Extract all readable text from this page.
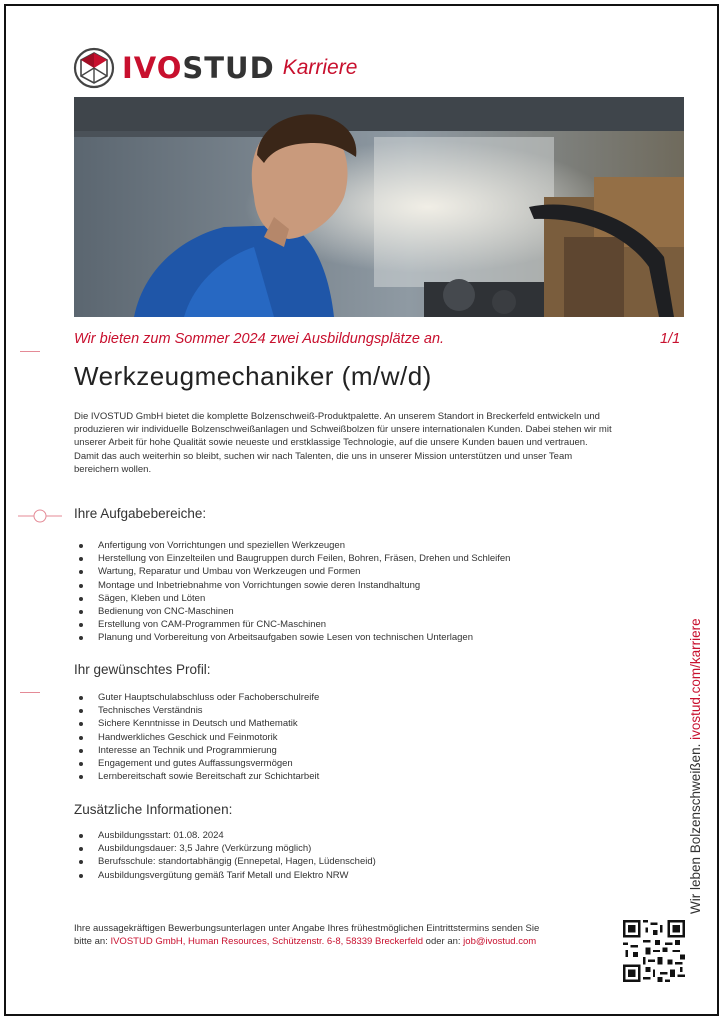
IVOSTUD Karriere
Wir bieten zum Sommer 2024 zwei Ausbildungsplätze an.	1/1
Werkzeugmechaniker (m/w/d)

Die IVOSTUD GmbH bietet die komplette Bolzenschweiß-Produktpalette. An unserem Standort in Breckerfeld entwickeln und produzieren wir individuelle Bolzenschweißanlagen und Schweißbolzen für unsere internationalen Kunden. Dabei stehen wir mit unserer Arbeit für hohe Qualität sowie neueste und erstklassige Technologie, auf die unsere Kunden bauen und vertrauen.

Damit das auch weiterhin so bleibt, suchen wir nach Talenten, die uns in unserer Mission unterstützen und unser Team bereichern wollen.

Ihre Aufgabebereiche:
Anfertigung von Vorrichtungen und speziellen Werkzeugen
Herstellung von Einzelteilen und Baugruppen durch Feilen, Bohren, Fräsen, Drehen und Schleifen
Wartung, Reparatur und Umbau von Werkzeugen und Formen
Montage und Inbetriebnahme von Vorrichtungen sowie deren Instandhaltung
Sägen, Kleben und Löten
Bedienung von CNC-Maschinen
Erstellung von CAM-Programmen für CNC-Maschinen
Planung und Vorbereitung von Arbeitsaufgaben sowie Lesen von technischen Unterlagen
Ihr gewünschtes Profil:
Guter Hauptschulabschluss oder Fachoberschulreife
Technisches Verständnis
Sichere Kenntnisse in Deutsch und Mathematik
Handwerkliches Geschick und Feinmotorik
Interesse an Technik und Programmierung
Engagement und gutes Auffassungsvermögen
Lernbereitschaft sowie Bereitschaft zur Schichtarbeit
Zusätzliche Informationen:
Ausbildungsstart: 01.08. 2024
Ausbildungsdauer: 3,5 Jahre (Verkürzung möglich)
Berufsschule: standortabhängig (Ennepetal, Hagen, Lüdenscheid)
Ausbildungsvergütung gemäß Tarif Metall und Elektro NRW

Ihre aussagekräftigen Bewerbungsunterlagen unter Angabe Ihres frühestmöglichen Eintrittstermins senden Sie

bitte an: IVOSTUD GmbH, Human Resources, Schützenstr. 6-8, 58339 Breckerfeld oder an: job@ivostud.com

Wir leben Bolzenschweißen. ivostud.com/karriere
